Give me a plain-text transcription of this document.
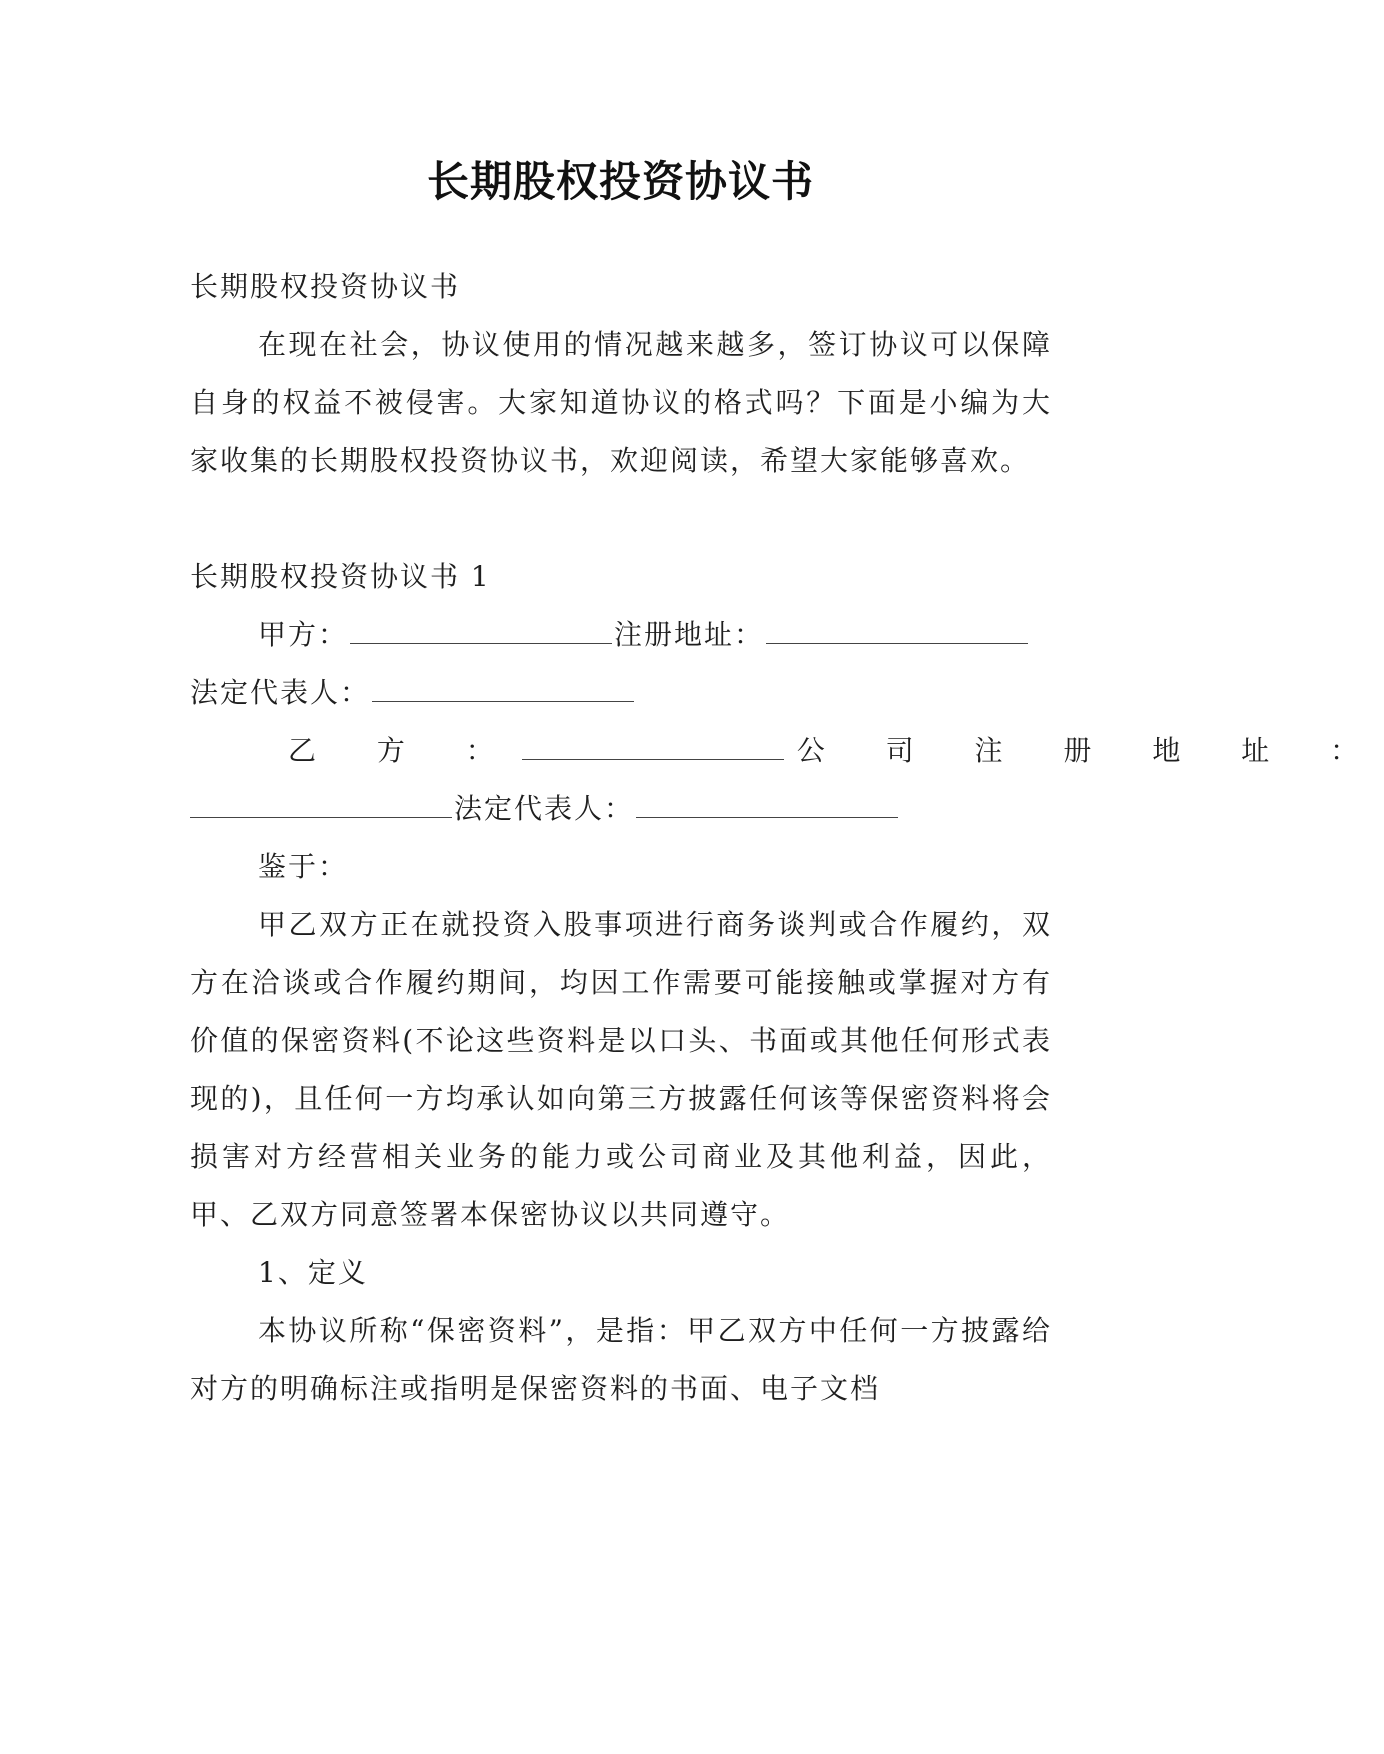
长期股权投资协议书

长期股权投资协议书

在现在社会，协议使用的情况越来越多，签订协议可以保障自身的权益不被侵害。大家知道协议的格式吗？下面是小编为大家收集的长期股权投资协议书，欢迎阅读，希望大家能够喜欢。

长期股权投资协议书 1

甲方：	注册地址：

法定代表人：

乙 方 ：	公 司 注 册 地 址 ：

法定代表人：

鉴于：

甲乙双方正在就投资入股事项进行商务谈判或合作履约，双方在洽谈或合作履约期间，均因工作需要可能接触或掌握对方有价值的保密资料(不论这些资料是以口头、书面或其他任何形式表现的)，且任何一方均承认如向第三方披露任何该等保密资料将会损害对方经营相关业务的能力或公司商业及其他利益，因此，甲、乙双方同意签署本保密协议以共同遵守。

1、定义

本协议所称“保密资料”，是指：甲乙双方中任何一方披露给对方的明确标注或指明是保密资料的书面、电子文档
